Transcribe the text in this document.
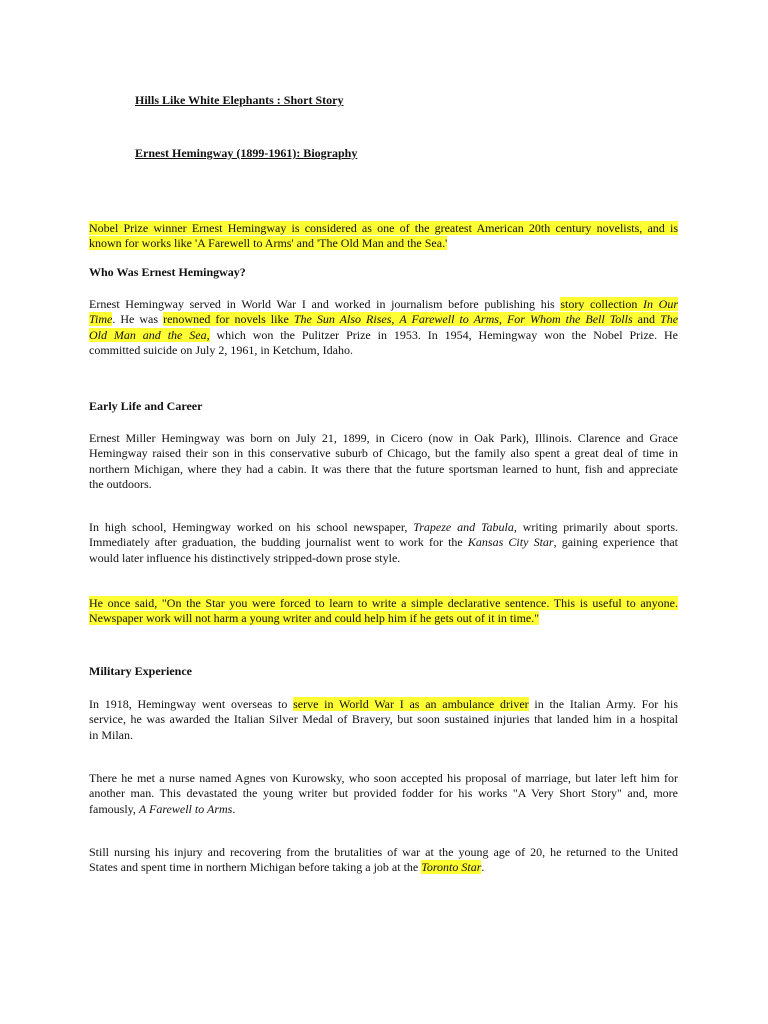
Hills Like White Elephants : Short Story
Ernest Hemingway (1899-1961): Biography

Nobel Prize winner Ernest Hemingway is considered as one of the greatest American 20th century novelists, and is
known for works like 'A Farewell to Arms' and 'The Old Man and the Sea.'

Who Was Ernest Hemingway?

Ernest Hemingway served in World War I and worked in journalism before publishing his story collection In Our
Time. He was renowned for novels like The Sun Also Rises, A Farewell to Arms, For Whom the Bell Tolls and The
Old Man and the Sea, which won the Pulitzer Prize in 1953. In 1954, Hemingway won the Nobel Prize. He
committed suicide on July 2, 1961, in Ketchum, Idaho.

Early Life and Career

Ernest Miller Hemingway was born on July 21, 1899, in Cicero (now in Oak Park), Illinois. Clarence and Grace
Hemingway raised their son in this conservative suburb of Chicago, but the family also spent a great deal of time in
northern Michigan, where they had a cabin. It was there that the future sportsman learned to hunt, fish and appreciate
the outdoors.

In high school, Hemingway worked on his school newspaper, Trapeze and Tabula, writing primarily about sports.
Immediately after graduation, the budding journalist went to work for the Kansas City Star, gaining experience that
would later influence his distinctively stripped-down prose style.

He once said, "On the Star you were forced to learn to write a simple declarative sentence. This is useful to anyone.
Newspaper work will not harm a young writer and could help him if he gets out of it in time."

Military Experience

In 1918, Hemingway went overseas to serve in World War I as an ambulance driver in the Italian Army. For his
service, he was awarded the Italian Silver Medal of Bravery, but soon sustained injuries that landed him in a hospital
in Milan.

There he met a nurse named Agnes von Kurowsky, who soon accepted his proposal of marriage, but later left him for
another man. This devastated the young writer but provided fodder for his works "A Very Short Story" and, more
famously, A Farewell to Arms.

Still nursing his injury and recovering from the brutalities of war at the young age of 20, he returned to the United
States and spent time in northern Michigan before taking a job at the Toronto Star.
